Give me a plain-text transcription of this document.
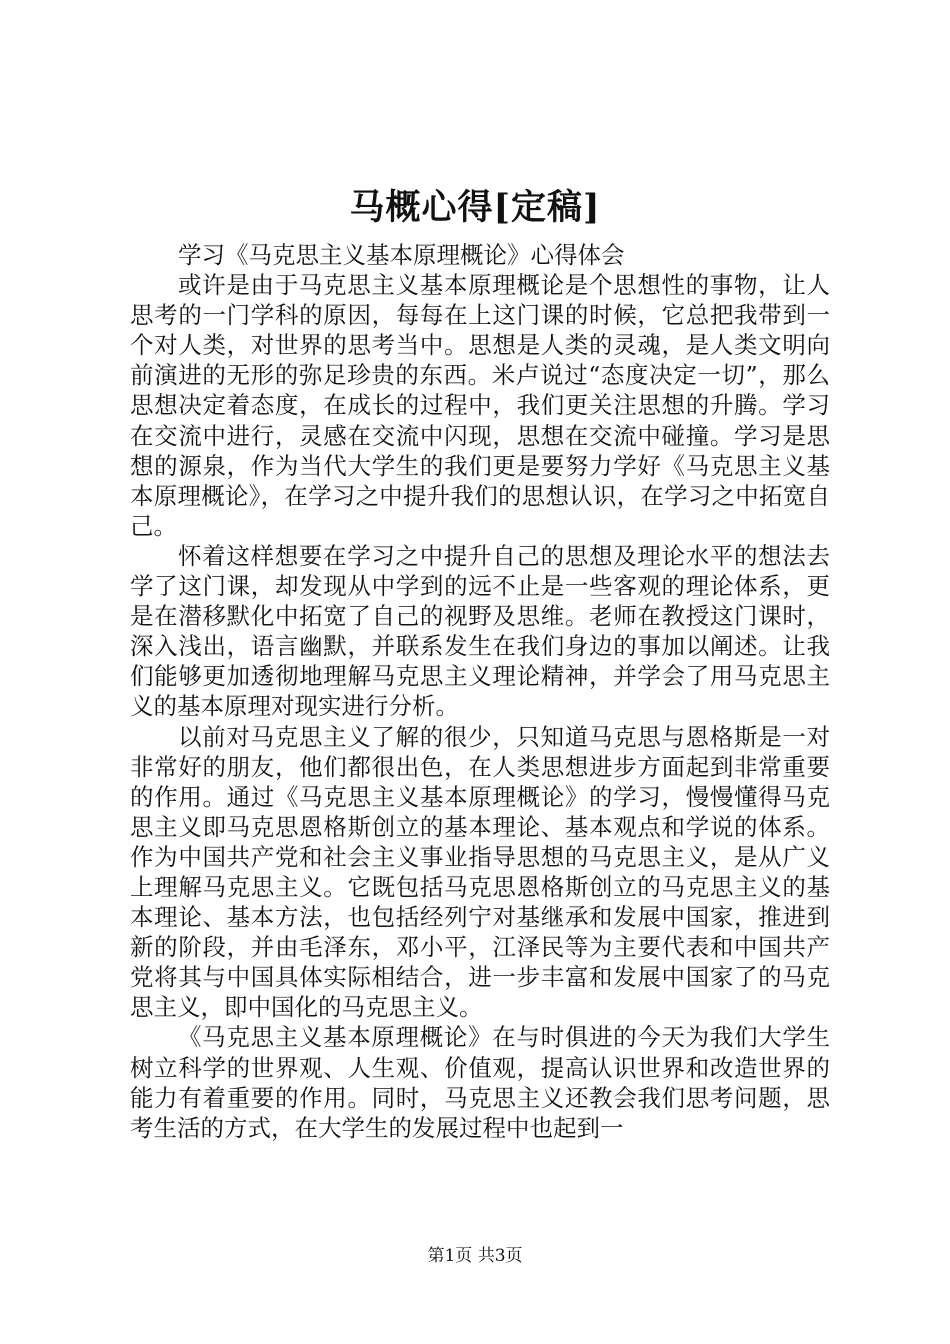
马概心得[定稿]

学习《马克思主义基本原理概论》心得体会

或许是由于马克思主义基本原理概论是个思想性的事物，让人思考的一门学科的原因，每每在上这门课的时候，它总把我带到一个对人类，对世界的思考当中。思想是人类的灵魂，是人类文明向前演进的无形的弥足珍贵的东西。米卢说过“态度决定一切”，那么思想决定着态度，在成长的过程中，我们更关注思想的升腾。学习在交流中进行，灵感在交流中闪现，思想在交流中碰撞。学习是思想的源泉，作为当代大学生的我们更是要努力学好《马克思主义基本原理概论》，在学习之中提升我们的思想认识，在学习之中拓宽自己。

怀着这样想要在学习之中提升自己的思想及理论水平的想法去学了这门课，却发现从中学到的远不止是一些客观的理论体系，更是在潜移默化中拓宽了自己的视野及思维。老师在教授这门课时，深入浅出，语言幽默，并联系发生在我们身边的事加以阐述。让我们能够更加透彻地理解马克思主义理论精神，并学会了用马克思主义的基本原理对现实进行分析。

以前对马克思主义了解的很少，只知道马克思与恩格斯是一对非常好的朋友，他们都很出色，在人类思想进步方面起到非常重要的作用。通过《马克思主义基本原理概论》的学习，慢慢懂得马克思主义即马克思恩格斯创立的基本理论、基本观点和学说的体系。作为中国共产党和社会主义事业指导思想的马克思主义，是从广义上理解马克思主义。它既包括马克思恩格斯创立的马克思主义的基本理论、基本方法，也包括经列宁对基继承和发展中国家，推进到新的阶段，并由毛泽东，邓小平，江泽民等为主要代表和中国共产党将其与中国具体实际相结合，进一步丰富和发展中国家了的马克思主义，即中国化的马克思主义。

《马克思主义基本原理概论》在与时俱进的今天为我们大学生树立科学的世界观、人生观、价值观，提高认识世界和改造世界的能力有着重要的作用。同时，马克思主义还教会我们思考问题，思考生活的方式，在大学生的发展过程中也起到一

第1页 共3页
